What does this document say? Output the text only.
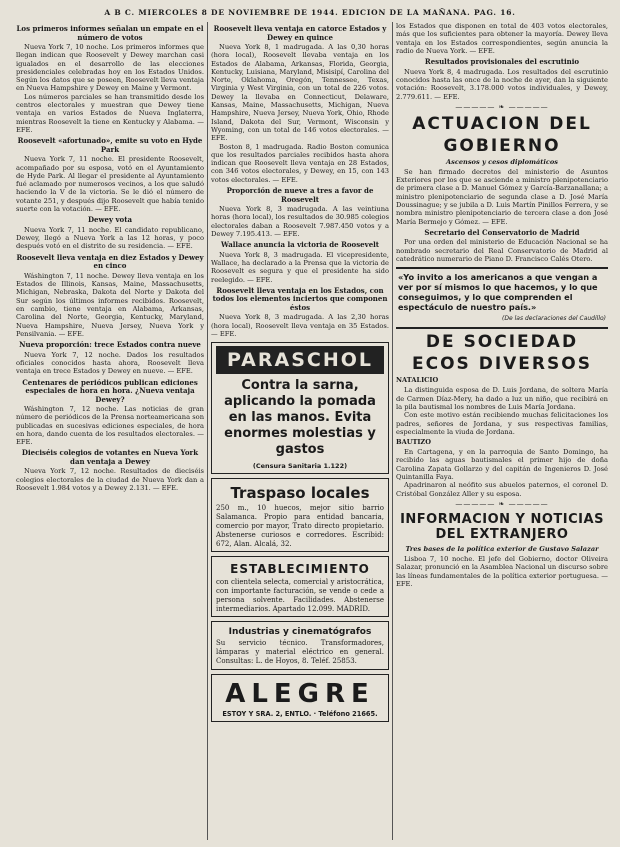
A B C. MIERCOLES 8 DE NOVIEMBRE DE 1944. EDICION DE LA MAÑANA. PAG. 16.
Los primeros informes señalan un empate en el número de votos

Nueva York 7, 10 noche. Los primeros informes que llegan indican que Roosevelt y Dewey marchan casi igualados en el desarrollo de las elecciones presidenciales celebradas hoy en los Estados Unidos. Según los datos que se poseen, Roosevelt lleva ventaja en Nueva Hampshire y Dewey en Maine y Vermont.

Los números parciales se han transmitido desde los centros electorales y muestran que Dewey tiene ventaja en varios Estados de Nueva Inglaterra, mientras Roosevelt la tiene en Kentucky y Alabama. — EFE.

Roosevelt «afortunado», emite su voto en Hyde Park

Nueva York 7, 11 noche. El presidente Roosevelt, acompañado por su esposa, votó en el Ayuntamiento de Hyde Park. Al llegar el presidente al Ayuntamiento fué aclamado por numerosos vecinos, a los que saludó haciendo la V de la victoria. Se le dió el número de votante 251, y después dijo Roosevelt que había tenido suerte con la votación. — EFE.

Dewey vota

Nueva York 7, 11 noche. El candidato republicano, Dewey, llegó a Nueva York a las 12 horas, y poco después votó en el distrito de su residencia. — EFE.

Roosevelt lleva ventaja en diez Estados y Dewey en cinco

Wáshington 7, 11 noche. Dewey lleva ventaja en los Estados de Illinois, Kansas, Maine, Massachusetts, Michigan, Nebraska, Dakota del Norte y Dakota del Sur según los últimos informes recibidos. Roosevelt, en cambio, tiene ventaja en Alabama, Arkansas, Carolina del Norte, Georgia, Kentucky, Maryland, Nueva Hampshire, Nueva Jersey, Nueva York y Pensilvania. — EFE.

Nueva proporción: trece Estados contra nueve

Nueva York 7, 12 noche. Dados los resultados oficiales conocidos hasta ahora, Roosevelt lleva ventaja en trece Estados y Dewey en nueve. — EFE.

Centenares de periódicos publican ediciones especiales de hora en hora. ¿Nueva ventaja Dewey?

Wáshington 7, 12 noche. Las noticias de gran número de periódicos de la Prensa norteamericana son publicadas en sucesivas ediciones especiales, de hora en hora, dando cuenta de los resultados electorales. — EFE.

Dieciséis colegios de votantes en Nueva York dan ventaja a Dewey

Nueva York 7, 12 noche. Resultados de dieciséis colegios electorales de la ciudad de Nueva York dan a Roosevelt 1.984 votos y a Dewey 2.131. — EFE.

Roosevelt lleva ventaja en catorce Estados y Dewey en quince

Nueva York 8, 1 madrugada. A las 0,30 horas (hora local), Roosevelt llevaba ventaja en los Estados de Alabama, Arkansas, Florida, Georgia, Kentucky, Luisiana, Maryland, Misisipí, Carolina del Norte, Oklahoma, Oregón, Tennessee, Texas, Virginia y West Virginia, con un total de 226 votos. Dewey la llevaba en Connecticut, Delaware, Kansas, Maine, Massachusetts, Michigan, Nueva Hampshire, Nueva Jersey, Nueva York, Ohio, Rhode Island, Dakota del Sur, Vermont, Wisconsin y Wyoming, con un total de 146 votos electorales. — EFE.

Boston 8, 1 madrugada. Radio Boston comunica que los resultados parciales recibidos hasta ahora indican que Roosevelt lleva ventaja en 28 Estados, con 346 votos electorales, y Dewey, en 15, con 143 votos electorales. — EFE.

Proporción de nueve a tres a favor de Roosevelt

Nueva York 8, 3 madrugada. A las veintiuna horas (hora local), los resultados de 30.985 colegios electorales daban a Roosevelt 7.987.450 votos y a Dewey 7.195.413. — EFE.

Wallace anuncia la victoria de Roosevelt

Nueva York 8, 3 madrugada. El vicepresidente, Wallace, ha declarado a la Prensa que la victoria de Roosevelt es segura y que el presidente ha sido reelegido. — EFE.

Roosevelt lleva ventaja en los Estados, con todos los elementos inciertos que componen éstos

Nueva York 8, 3 madrugada. A las 2,30 horas (hora local), Roosevelt lleva ventaja en 35 Estados. — EFE.

PARASCHOL
Contra la sarna, aplicando la pomada en las manos. Evita enormes molestias y gastos
(Censura Sanitaria 1.122)
Traspaso locales

250 m., 10 huecos, mejor sitio barrio Salamanca. Propio para entidad bancaria, comercio por mayor, Trato directo propietario. Abstenerse curiosos e corredores. Escribid: 672, Alan. Alcalá, 32.

ESTABLECIMIENTO

con clientela selecta, comercial y aristocrática, con importante facturación, se vende o cede a persona solvente. Facilidades. Abstenerse intermediarios. Apartado 12.099. MADRID.

Industrias y cinematógrafos

Su servicio técnico. Transformadores, lámparas y material eléctrico en general. Consultas: L. de Hoyos, 8. Teléf. 25853.

ALEGRE
ESTOY Y SRA. 2, ENTLO. · Teléfono 21665.

los Estados que disponen en total de 403 votos electorales, más que los suficientes para obtener la mayoría. Dewey lleva ventaja en los Estados correspondientes, según anuncia la radio de Nueva York. — EFE.

Resultados provisionales del escrutinio

Nueva York 8, 4 madrugada. Los resultados del escrutinio conocidos hasta las once de la noche de ayer, dan la siguiente votación: Roosevelt, 3.178.000 votos individuales, y Dewey, 2.779.611. — EFE.

————— ❧ —————
ACTUACION DEL
GOBIERNO
Ascensos y cesos diplomáticos

Se han firmado decretos del ministerio de Asuntos Exteriores por los que se asciende a ministro plenipotenciario de primera clase a D. Manuel Gómez y García-Barzanallana; a ministro plenipotenciario de segunda clase a D. José María Doussinague; y se jubila a D. Luis Martín Pinillos Ferrera, y se nombra ministro plenipotenciario de tercera clase a don José María Bermejo y Gómez. — EFE.

Secretario del Conservatorio de Madrid

Por una orden del ministerio de Educación Nacional se ha nombrado secretario del Real Conservatorio de Madrid al catedrático numerario de Piano D. Francisco Calés Otero.

«Yo invito a los americanos a que vengan a ver por sí mismos lo que hacemos, y lo que conseguimos, y lo que comprenden el espectáculo de nuestro país.»
(De las declaraciones del Caudillo)
DE SOCIEDAD
ECOS DIVERSOS
NATALICIO

La distinguida esposa de D. Luis Jordana, de soltera María de Carmen Díaz-Mery, ha dado a luz un niño, que recibirá en la pila bautismal los nombres de Luis María Jordana.

Con este motivo están recibiendo muchas felicitaciones los padres, señores de Jordana, y sus respectivas familias, especialmente la viuda de Jordana.

BAUTIZO

En Cartagena, y en la parroquia de Santo Domingo, ha recibido las aguas bautismales el primer hijo de doña Carolina Zapata Gollarzo y del capitán de Ingenieros D. José Quintanilla Faya.

Apadrinaron al neófito sus abuelos paternos, el coronel D. Cristóbal González Aller y su esposa.

————— ❧ —————
INFORMACION Y NOTICIAS DEL EXTRANJERO
Tres bases de la política exterior de Gustavo Salazar

Lisboa 7, 10 noche. El jefe del Gobierno, doctor Oliveira Salazar, pronunció en la Asamblea Nacional un discurso sobre las líneas fundamentales de la política exterior portuguesa. — EFE.
